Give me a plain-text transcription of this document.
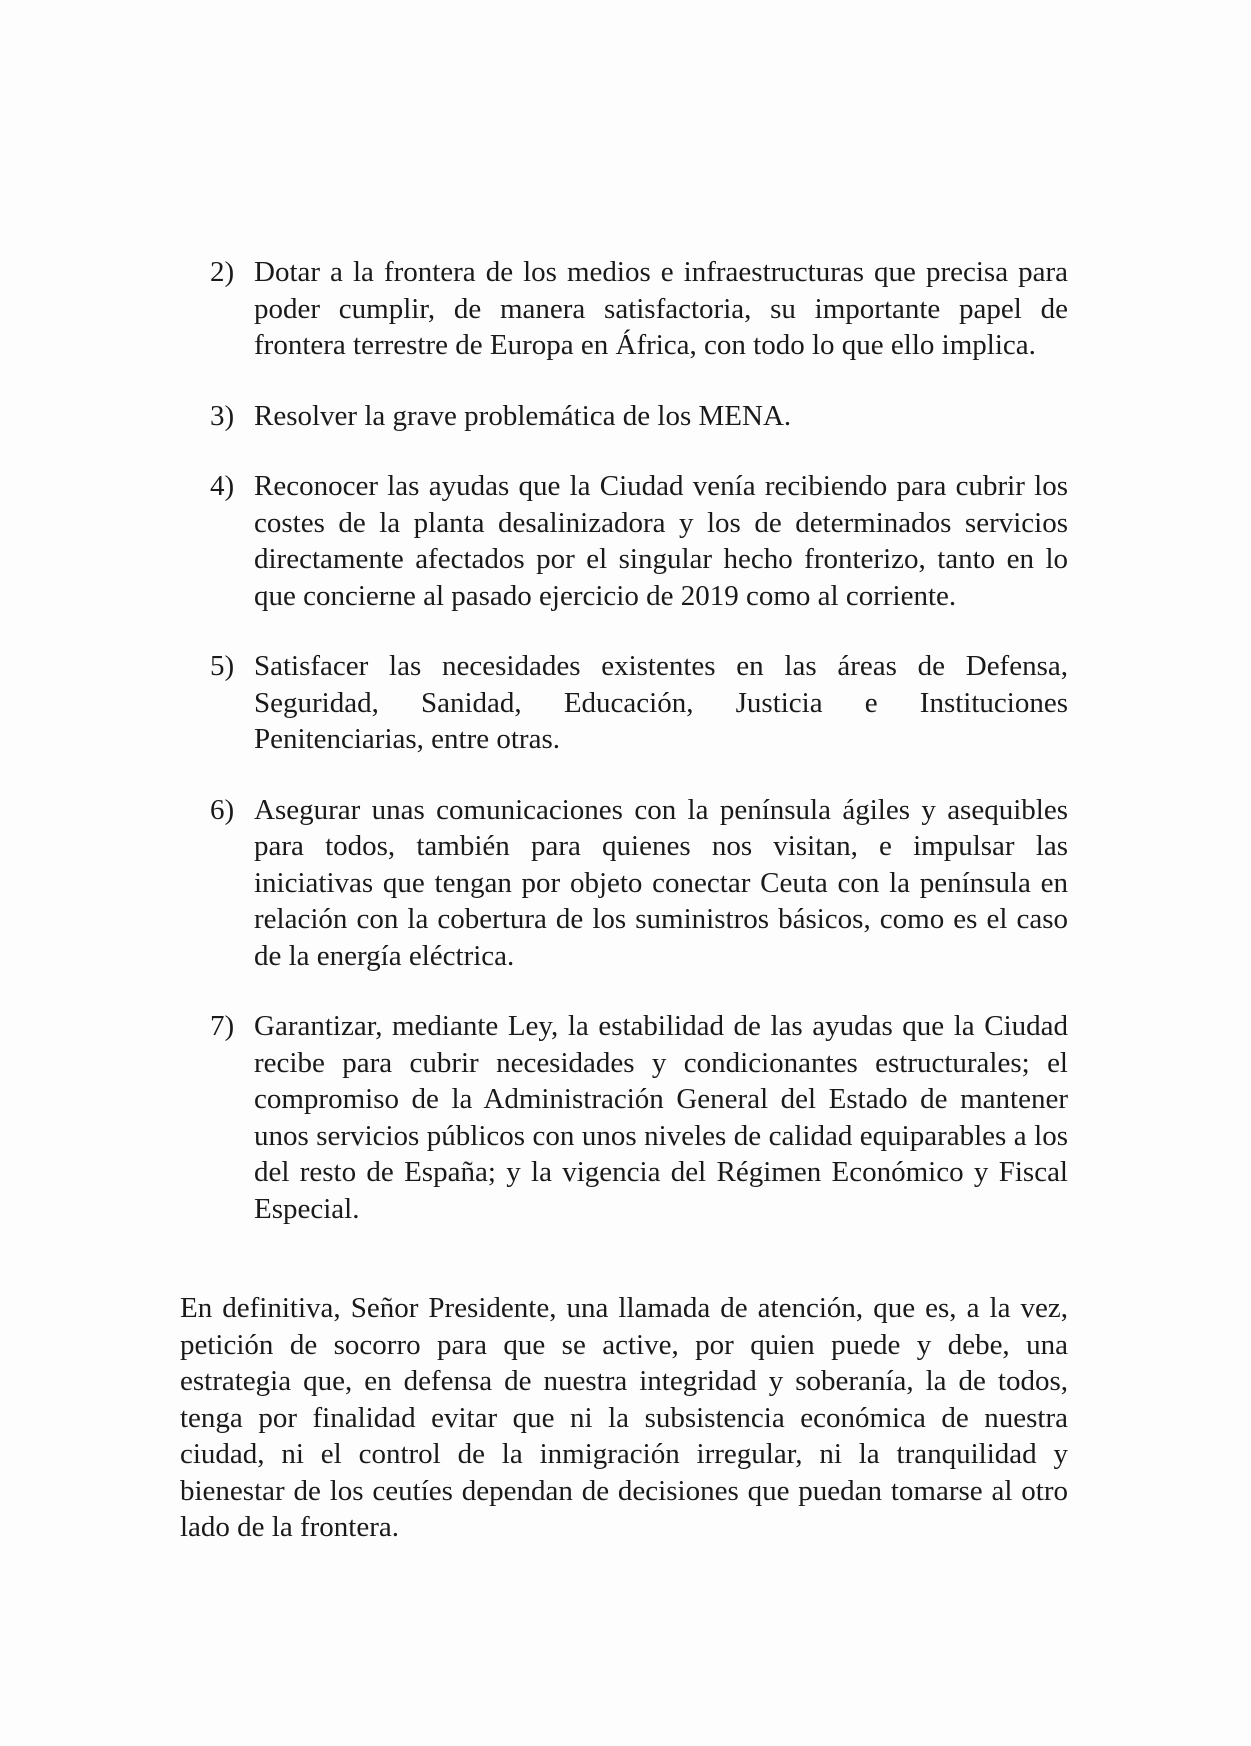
2) Dotar a la frontera de los medios e infraestructuras que precisa para poder cumplir, de manera satisfactoria, su importante papel de frontera terrestre de Europa en África, con todo lo que ello implica.
3) Resolver la grave problemática de los MENA.
4) Reconocer las ayudas que la Ciudad venía recibiendo para cubrir los costes de la planta desalinizadora y los de determinados servicios directamente afectados por el singular hecho fronterizo, tanto en lo que concierne al pasado ejercicio de 2019 como al corriente.
5) Satisfacer las necesidades existentes en las áreas de Defensa, Seguridad, Sanidad, Educación, Justicia e Instituciones Penitenciarias, entre otras.
6) Asegurar unas comunicaciones con la península ágiles y asequibles para todos, también para quienes nos visitan, e impulsar las iniciativas que tengan por objeto conectar Ceuta con la península en relación con la cobertura de los suministros básicos, como es el caso de la energía eléctrica.
7) Garantizar, mediante Ley, la estabilidad de las ayudas que la Ciudad recibe para cubrir necesidades y condicionantes estructurales; el compromiso de la Administración General del Estado de mantener unos servicios públicos con unos niveles de calidad equiparables a los del resto de España; y la vigencia del Régimen Económico y Fiscal Especial.

En definitiva, Señor Presidente, una llamada de atención, que es, a la vez, petición de socorro para que se active, por quien puede y debe, una estrategia que, en defensa de nuestra integridad y soberanía, la de todos, tenga por finalidad evitar que ni la subsistencia económica de nuestra ciudad, ni el control de la inmigración irregular, ni la tranquilidad y bienestar de los ceutíes dependan de decisiones que puedan tomarse al otro lado de la frontera.
